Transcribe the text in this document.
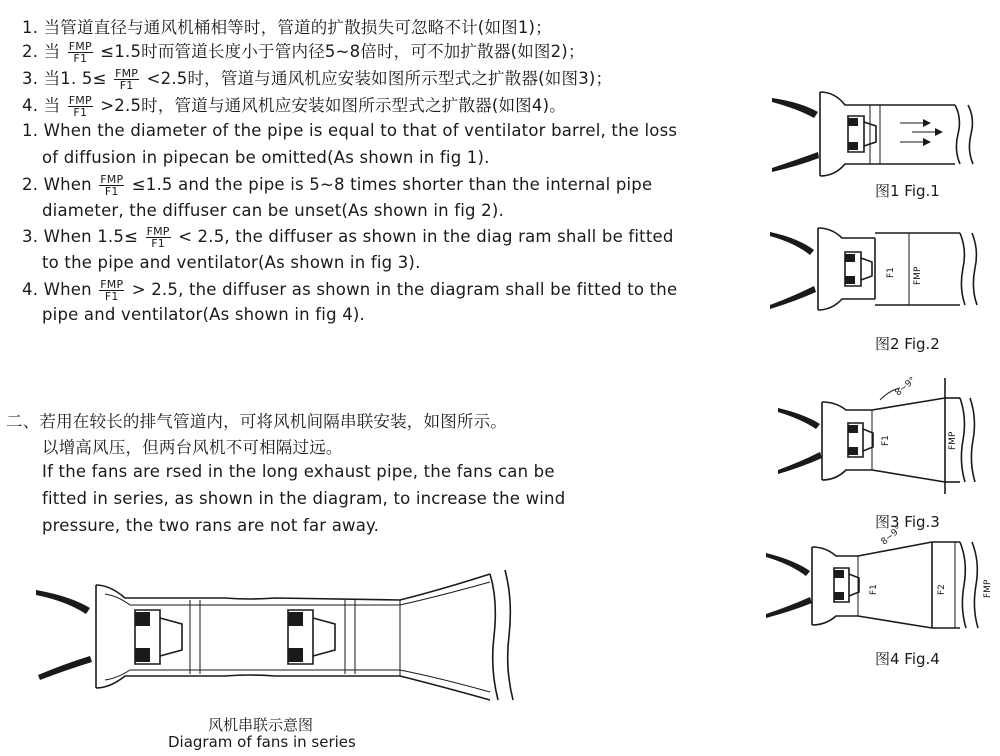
1. 当管道直径与通风机桶相等时，管道的扩散损失可忽略不计(如图1)；
2. 当 $\frac{\text{FMP}}{F1} \le 1.5$时而管道长度小于管内径5~8倍时，可不加扩散器(如图2)；
3. 当1. $5\le \frac{\text{FMP}}{F1} <2.5$时，管道与通风机应安装如图所示型式之扩散器(如图3)；
4. 当 $\frac{\text{FMP}}{F1} >2.5$时，管道与通风机应安装如图所示型式之扩散器(如图4)。
1. When the diameter of the pipe is equal to that of ventilator barrel, the loss
of diffusion in pipecan be omitted(As shown in fig 1).
2. When $\frac{\text{FMP}}{F1} \le 1.5$ and the pipe is 5~8 times shorter than the internal pipe
diameter, the diffuser can be unset(As shown in fig 2).
3. When $1.5\le \frac{\text{FMP}}{F1} < 2.5$, the diffuser as shown in the diag ram shall be fitted
to the pipe and ventilator(As shown in fig 3).
4. When $\frac{\text{FMP}}{F1} > 2.5$, the diffuser as shown in the diagram shall be fitted to the
pipe and ventilator(As shown in fig 4).
二、若用在较长的排气管道内，可将风机间隔串联安装，如图所示。
以增高风压，但两台风机不可相隔过远。
If the fans are rsed in the long exhaust pipe, the fans can be
fitted in series, as shown in the diagram, to increase the wind
pressure, the two rans are not far away.
图1 Fig.1
图2 Fig.2
图3 Fig.3
图4 Fig.4
风机串联示意图
Diagram of fans in series
F1 FMP
F1	FMP
8~9°
F1	F2	FMP
8~9°
